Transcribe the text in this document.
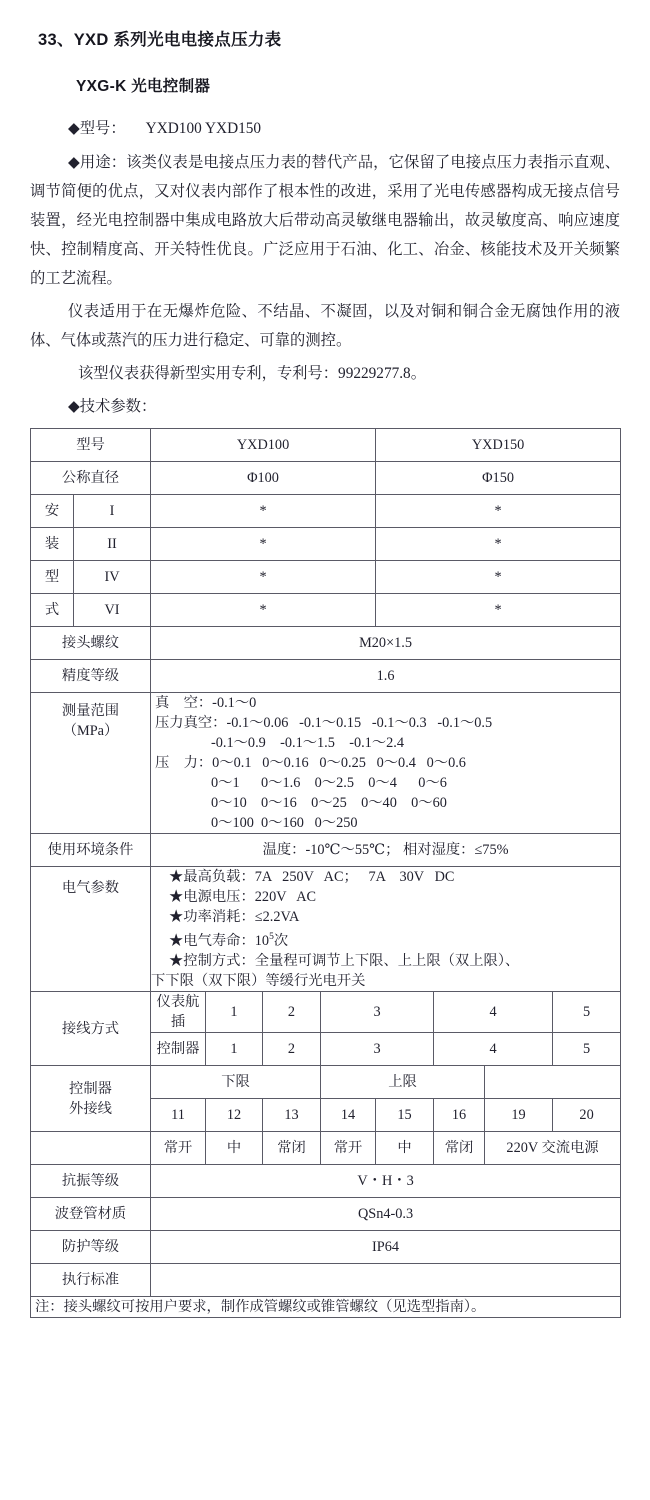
33、YXD 系列光电电接点压力表
YXG-K 光电控制器

◆型号： YXD100 YXD150

◆用途：该类仪表是电接点压力表的替代产品，它保留了电接点压力表指示直观、调节简便的优点，又对仪表内部作了根本性的改进，采用了光电传感器构成无接点信号装置，经光电控制器中集成电路放大后带动高灵敏继电器输出，故灵敏度高、响应速度快、控制精度高、开关特性优良。广泛应用于石油、化工、冶金、核能技术及开关频繁的工艺流程。

仪表适用于在无爆炸危险、不结晶、不凝固，以及对铜和铜合金无腐蚀作用的液体、气体或蒸汽的压力进行稳定、可靠的测控。

该型仪表获得新型实用专利，专利号：99229277.8。

◆技术参数：

型号		YXD100				YXD150			
公称直径		Φ100				Φ150			
安	I	*				*			
装	II	*				*			
型	IV	*				*			
式	VI	*				*			
接头螺纹		M20×1.5							
精度等级		1.6							

测量范围
（MPa）

真    空：-0.1～0
压力真空：-0.1～0.06   -0.1～0.15   -0.1～0.3   -0.1～0.5
-0.1～0.9    -0.1～1.5    -0.1～2.4
压    力：0～0.1   0～0.16   0～0.25   0～0.4   0～0.6
0～1      0～1.6    0～2.5    0～4      0～6
0～10    0～16    0～25    0～40    0～60
0～100  0～160   0～250

使用环境条件		温度：-10℃～55℃； 相对湿度：≤75%							
电气参数	
★最高负载：7A   250V   AC；   7A    30V   DC
★电源电压：220V   AC
★功率消耗：≤2.2VA
★电气寿命：$10^5$次
★控制方式：全量程可调节上下限、上上限（双上限）、
下下限（双下限）等缓行光电开关

接线方式		仪表航插	1	2	3		4		5
		控制器	1	2	3		4		5

控制器
外接线		下限			上限				
		11	12	13	14	15	16	19	20
		常开	中	常闭	常开	中	常闭	220V 交流电源	
抗振等级		V・H・3							
波登管材质		QSn4-0.3							
防护等级		IP64							
执行标准									
注：接头螺纹可按用户要求，制作成管螺纹或锥管螺纹（见选型指南）。									
